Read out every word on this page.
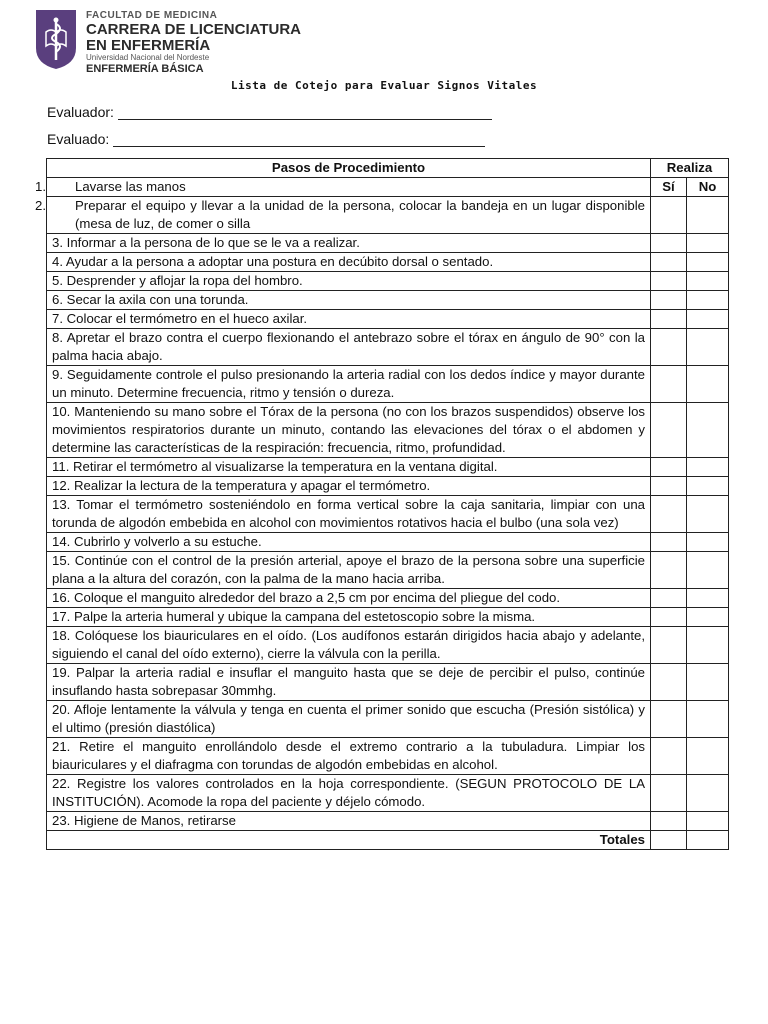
FACULTAD DE MEDICINA
CARRERA DE LICENCIATURA
EN ENFERMERÍA
Universidad Nacional del Nordeste
ENFERMERÍA BÁSICA
Lista de Cotejo para Evaluar Signos Vitales
Evaluador:
Evaluado:
Pasos de Procedimiento	Realiza	

1. Lavarse las manos	Sí	No

2. Preparar el equipo y llevar a la unidad de la persona, colocar la bandeja en un lugar disponible (mesa de luz, de comer o silla		

3. Informar a la persona de lo que se le va a realizar.		
4. Ayudar a la persona a adoptar una postura en decúbito dorsal o sentado.		
5. Desprender y aflojar la ropa del hombro.		
6. Secar la axila con una torunda.		
7. Colocar el termómetro en el hueco axilar.		
8. Apretar el brazo contra el cuerpo flexionando el antebrazo sobre el tórax en ángulo de 90° con la palma hacia abajo.		
9. Seguidamente controle el pulso presionando la arteria radial con los dedos índice y mayor durante un minuto. Determine frecuencia, ritmo y tensión o dureza.		
10. Manteniendo su mano sobre el Tórax de la persona (no con los brazos suspendidos) observe los movimientos respiratorios durante un minuto, contando las elevaciones del tórax o el abdomen y determine las características de la respiración: frecuencia, ritmo, profundidad.		
11. Retirar el termómetro al visualizarse la temperatura en la ventana digital.		
12. Realizar la lectura de la temperatura y apagar el termómetro.		
13. Tomar el termómetro sosteniéndolo en forma vertical sobre la caja sanitaria, limpiar con una torunda de algodón embebida en alcohol con movimientos rotativos hacia el bulbo (una sola vez)		
14. Cubrirlo y volverlo a su estuche.		
15. Continúe con el control de la presión arterial, apoye el brazo de la persona sobre una superficie plana a la altura del corazón, con la palma de la mano hacia arriba.		
16. Coloque el manguito alrededor del brazo a 2,5 cm por encima del pliegue del codo.		
17. Palpe la arteria humeral y ubique la campana del estetoscopio sobre la misma.		
18. Colóquese los biauriculares en el oído. (Los audífonos estarán dirigidos hacia abajo y adelante, siguiendo el canal del oído externo), cierre la válvula con la perilla.		
19. Palpar la arteria radial e insuflar el manguito hasta que se deje de percibir el pulso, continúe insuflando hasta sobrepasar 30mmhg.		
20. Afloje lentamente la válvula y tenga en cuenta el primer sonido que escucha (Presión sistólica) y el ultimo (presión diastólica)		
21. Retire el manguito enrollándolo desde el extremo contrario a la tubuladura. Limpiar los biauriculares y el diafragma con torundas de algodón embebidas en alcohol.		
22. Registre los valores controlados en la hoja correspondiente. (SEGUN PROTOCOLO DE LA INSTITUCIÓN). Acomode la ropa del paciente y déjelo cómodo.		
23. Higiene de Manos, retirarse		
Totales		
